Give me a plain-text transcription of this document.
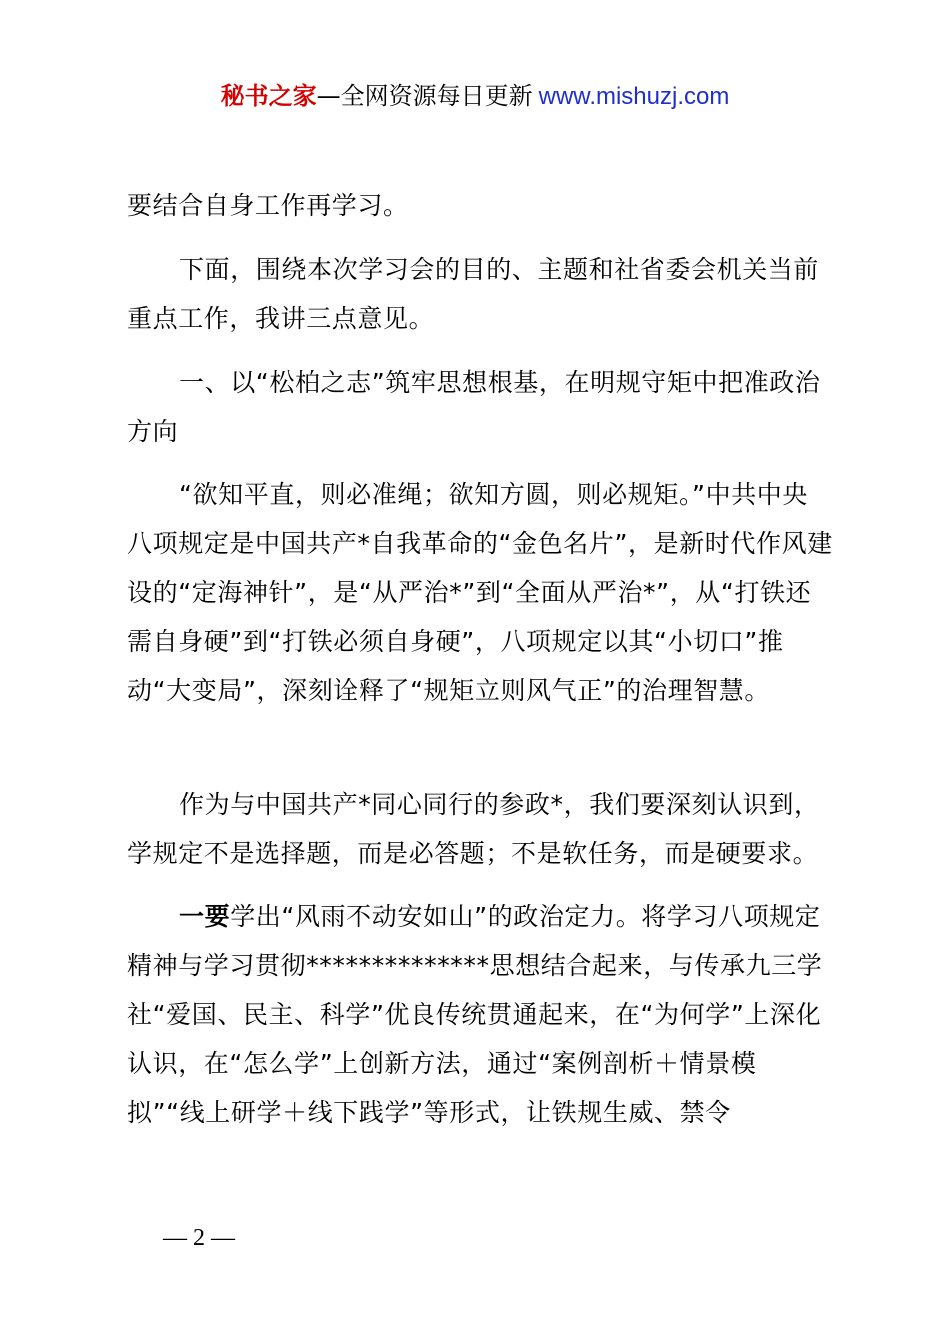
秘书之家—全网资源每日更新 www.mishuzj.com

要结合自身工作再学习。

下面，围绕本次学习会的目的、主题和社省委会机关当前重点工作，我讲三点意见。

一、以“松柏之志”筑牢思想根基，在明规守矩中把准政治方向

“欲知平直，则必准绳；欲知方圆，则必规矩。”中共中央八项规定是中国共产*自我革命的“金色名片”，是新时代作风建设的“定海神针”，是“从严治*”到“全面从严治*”，从“打铁还需自身硬”到“打铁必须自身硬”，八项规定以其“小切口”推动“大变局”，深刻诠释了“规矩立则风气正”的治理智慧。

作为与中国共产*同心同行的参政*，我们要深刻认识到，学规定不是选择题，而是必答题；不是软任务，而是硬要求。

一要学出“风雨不动安如山”的政治定力。将学习八项规定精神与学习贯彻**************思想结合起来，与传承九三学社“爱国、民主、科学”优良传统贯通起来，在“为何学”上深化认识，在“怎么学”上创新方法，通过“案例剖析＋情景模拟”“线上研学＋线下践学”等形式，让铁规生威、禁令

— 2 —
